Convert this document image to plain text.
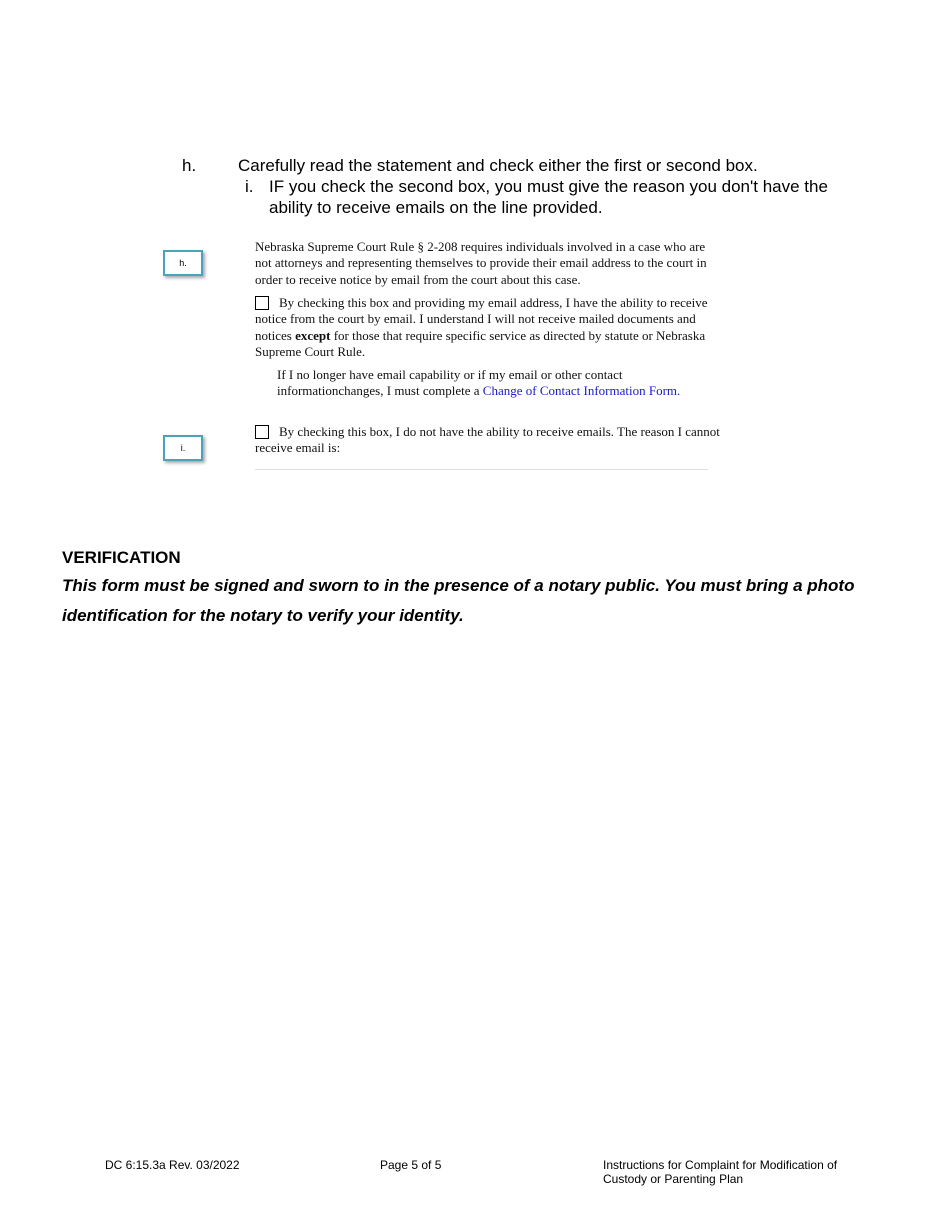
h. Carefully read the statement and check either the first or second box.
i. IF you check the second box, you must give the reason you don't have the ability to receive emails on the line provided.
h.
i.
Nebraska Supreme Court Rule § 2-208 requires individuals involved in a case who are not attorneys and representing themselves to provide their email address to the court in order to receive notice by email from the court about this case.
By checking this box and providing my email address, I have the ability to receive notice from the court by email. I understand I will not receive mailed documents and notices except for those that require specific service as directed by statute or Nebraska Supreme Court Rule.
If I no longer have email capability or if my email or other contact informationchanges, I must complete a Change of Contact Information Form.
By checking this box, I do not have the ability to receive emails. The reason I cannot receive email is:
VERIFICATION
This form must be signed and sworn to in the presence of a notary public. You must bring a photo identification for the notary to verify your identity.
DC 6:15.3a Rev. 03/2022	Page 5 of 5	Instructions for Complaint for Modification of Custody or Parenting Plan
